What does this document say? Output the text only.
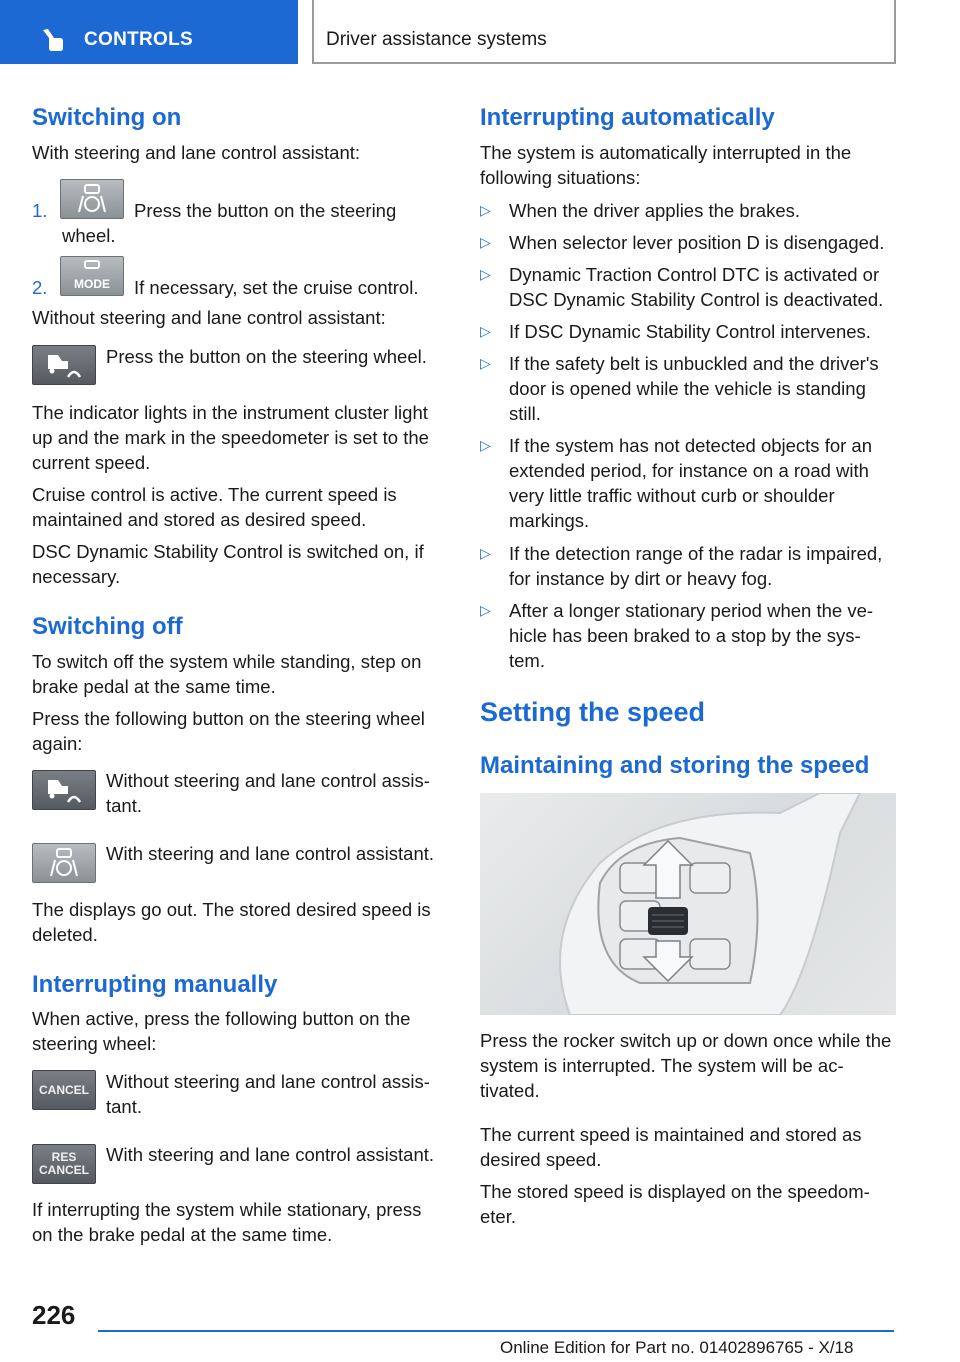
CONTROLS	Driver assistance systems
Switching on
With steering and lane control assistant:
1.	Press the button on the steering wheel.
2. MODE If necessary, set the cruise control.
Without steering and lane control assistant:
Press the button on the steering wheel.
The indicator lights in the instrument cluster light up and the mark in the speedometer is set to the current speed.
Cruise control is active. The current speed is maintained and stored as desired speed.
DSC Dynamic Stability Control is switched on, if necessary.
Switching off
To switch off the system while standing, step on brake pedal at the same time.
Press the following button on the steering wheel again:
Without steering and lane control assis-tant.
With steering and lane control assistant.
The displays go out. The stored desired speed is deleted.
Interrupting manually
When active, press the following button on the steering wheel:
CANCEL Without steering and lane control assis-tant.
RES
CANCEL
With steering and lane control assistant.
If interrupting the system while stationary, press on the brake pedal at the same time.
Interrupting automatically
The system is automatically interrupted in the following situations:
▷ When the driver applies the brakes.
▷ When selector lever position D is disengaged.
▷ Dynamic Traction Control DTC is activated or DSC Dynamic Stability Control is deactivated.
▷ If DSC Dynamic Stability Control intervenes.
▷ If the safety belt is unbuckled and the driver's door is opened while the vehicle is standing still.
▷ If the system has not detected objects for an extended period, for instance on a road with very little traffic without curb or shoulder markings.
▷ If the detection range of the radar is impaired, for instance by dirt or heavy fog.
▷ After a longer stationary period when the ve-hicle has been braked to a stop by the sys-tem.
Setting the speed
Maintaining and storing the speed
Press the rocker switch up or down once while the system is interrupted. The system will be ac-tivated.
The current speed is maintained and stored as desired speed.
The stored speed is displayed on the speedom-eter.
226
Online Edition for Part no. 01402896765 - X/18
